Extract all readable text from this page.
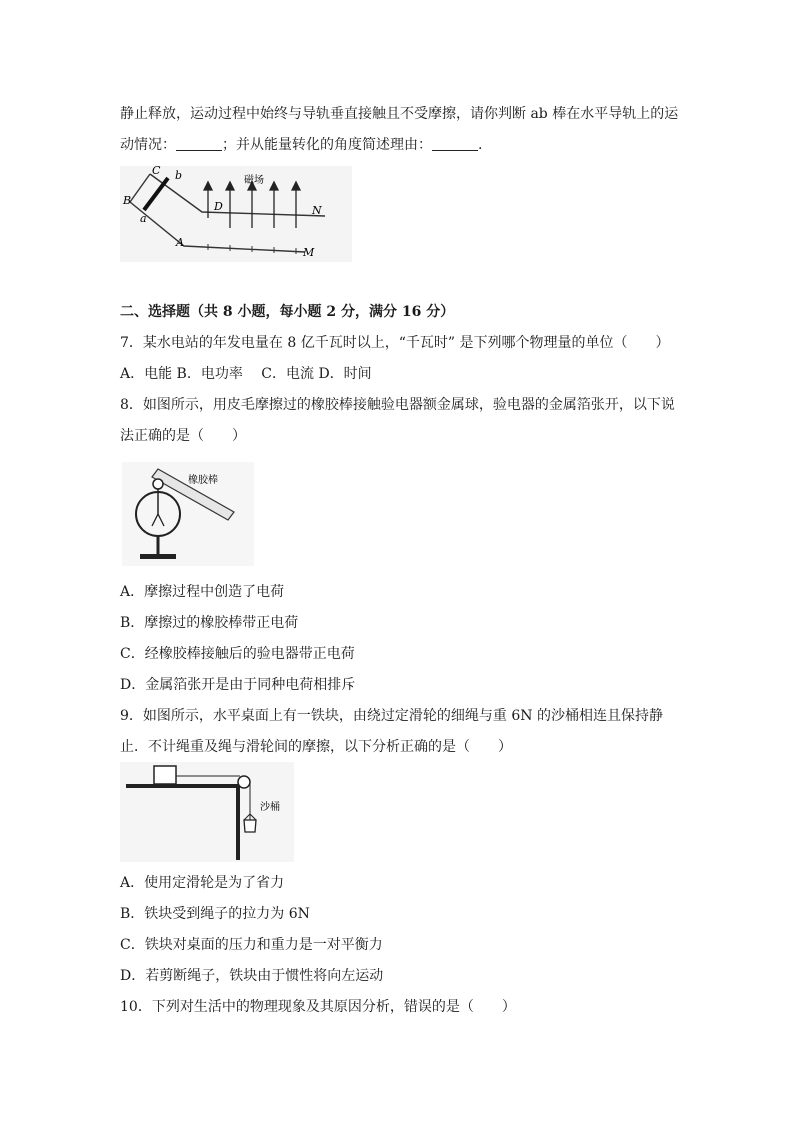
静止释放，运动过程中始终与导轨垂直接触且不受摩擦，请你判断 ab 棒在水平导轨上的运
动情况：	；并从能量转化的角度简述理由：	.
C b
B
a
D	N
A
M
磁场
二、选择题（共 8 小题，每小题 2 分，满分 16 分）
7．某水电站的年发电量在 8 亿千瓦时以上，“千瓦时” 是下列哪个物理量的单位（　　）
A．电能 B．电功率　 C．电流 D．时间
8．如图所示，用皮毛摩擦过的橡胶棒接触验电器额金属球，验电器的金属箔张开，以下说
法正确的是（　　）
橡胶棒
A．摩擦过程中创造了电荷
B．摩擦过的橡胶棒带正电荷
C．经橡胶棒接触后的验电器带正电荷
D．金属箔张开是由于同种电荷相排斥
9．如图所示，水平桌面上有一铁块，由绕过定滑轮的细绳与重 6N 的沙桶相连且保持静
止．不计绳重及绳与滑轮间的摩擦，以下分析正确的是（　　）
沙桶
A．使用定滑轮是为了省力
B．铁块受到绳子的拉力为 6N
C．铁块对桌面的压力和重力是一对平衡力
D．若剪断绳子，铁块由于惯性将向左运动
10．下列对生活中的物理现象及其原因分析，错误的是（　　）
